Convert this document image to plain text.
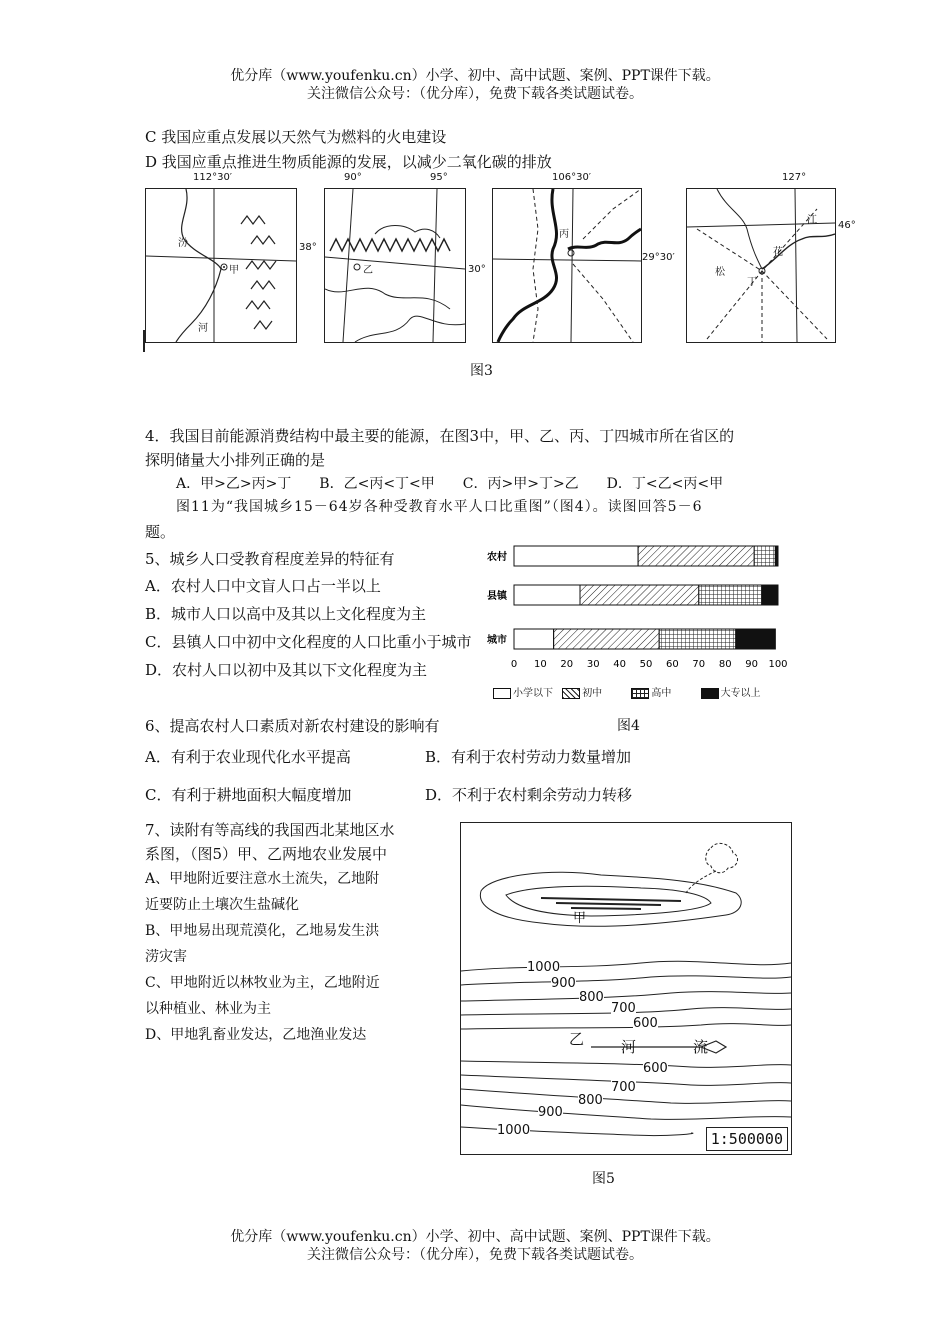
优分库（www.youfenku.cn）小学、初中、高中试题、案例、PPT课件下载。
关注微信公众号：（优分库），免费下载各类试题试卷。
C 我国应重点发展以天然气为燃料的火电建设
D 我国应重点推进生物质能源的发展，以减少二氧化碳的排放
112°30′
汾
甲
河
38°
90°	95°
乙	30°
106°30′
丙
29°30′
127°
江
花
松
丁
46°
图3
4．我国目前能源消费结构中最主要的能源，在图3中，甲、乙、丙、丁四城市所在省区的
探明储量大小排列正确的是
A．甲>乙>丙>丁　　B．乙<丙<丁<甲　　C．丙>甲>丁>乙　　D．丁<乙<丙<甲
图11为“我国城乡15－64岁各种受教育水平人口比重图”（图4）。读图回答5－6
题。
5、城乡人口受教育程度差异的特征有
A．农村人口中文盲人口占一半以上
B．城市人口以高中及其以上文化程度为主
C．县镇人口中初中文化程度的人口比重小于城市
D．农村人口以初中及其以下文化程度为主
农村
县镇
城市
0 10 20 30 40 50 60 70 80 90 100
小学以下	初中	高中	大专以上
图4
6、提高农村人口素质对新农村建设的影响有
A．有利于农业现代化水平提高	B．有利于农村劳动力数量增加
C．有利于耕地面积大幅度增加	D．不利于农村剩余劳动力转移
7、读附有等高线的我国西北某地区水
系图，（图5）甲、乙两地农业发展中
A、甲地附近要注意水土流失，乙地附
近要防止土壤次生盐碱化
B、甲地易出现荒漠化，乙地易发生洪
涝灾害
C、甲地附近以林牧业为主，乙地附近
以种植业、林业为主
D、甲地乳畜业发达，乙地渔业发达
甲
乙 河	流
1000
900
800
700
600
600
700
800
900
1000	1:500000
图5
优分库（www.youfenku.cn）小学、初中、高中试题、案例、PPT课件下载。
关注微信公众号：（优分库），免费下载各类试题试卷。
